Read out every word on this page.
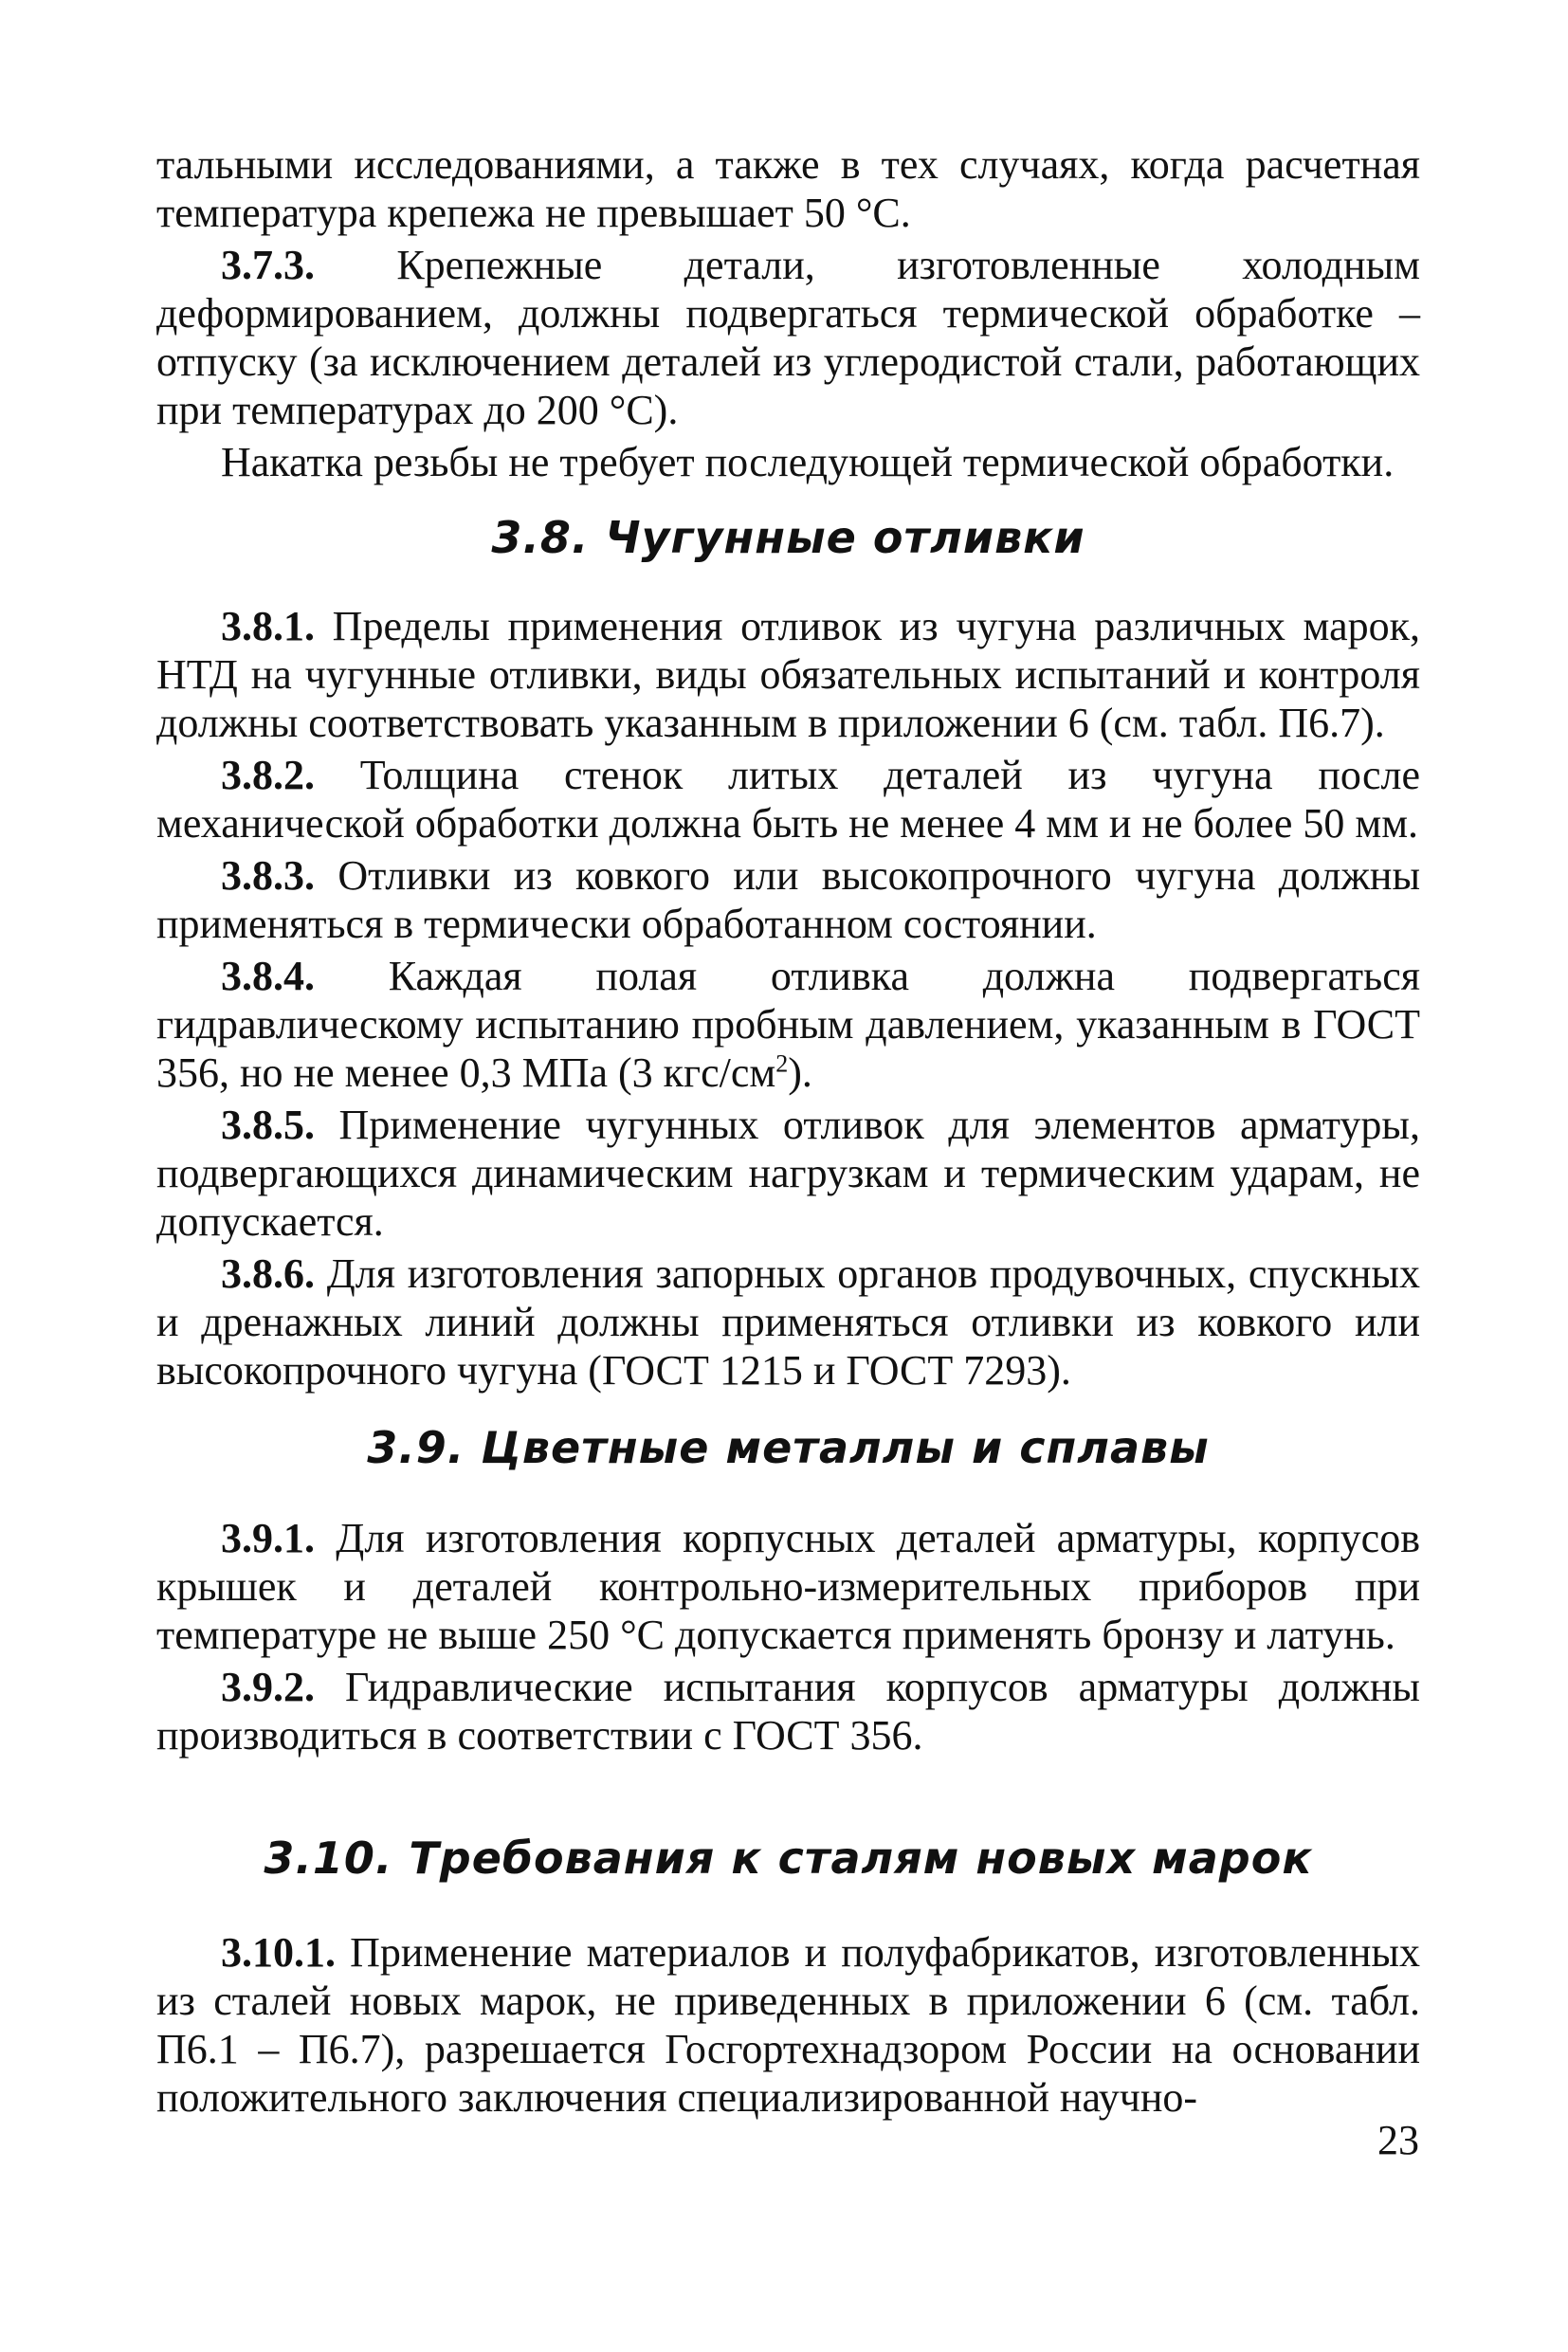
тальными исследованиями, а также в тех случаях, когда расчетная температура крепежа не превышает 50 °С.

3.7.3. Крепежные детали, изготовленные холодным деформированием, должны подвергаться термической обработке – отпуску (за исключением деталей из углеродистой стали, работающих при температурах до 200 °С).

Накатка резьбы не требует последующей термической обработки.

3.8. Чугунные отливки

3.8.1. Пределы применения отливок из чугуна различных марок, НТД на чугунные отливки, виды обязательных испытаний и контроля должны соответствовать указанным в приложении 6 (см. табл. П6.7).

3.8.2. Толщина стенок литых деталей из чугуна после механической обработки должна быть не менее 4 мм и не более 50 мм.

3.8.3. Отливки из ковкого или высокопрочного чугуна должны применяться в термически обработанном состоянии.

3.8.4. Каждая полая отливка должна подвергаться гидравлическому испытанию пробным давлением, указанным в ГОСТ 356, но не менее 0,3 МПа (3 кгс/$см^2$).

3.8.5. Применение чугунных отливок для элементов арматуры, подвергающихся динамическим нагрузкам и термическим ударам, не допускается.

3.8.6. Для изготовления запорных органов продувочных, спускных и дренажных линий должны применяться отливки из ковкого или высокопрочного чугуна (ГОСТ 1215 и ГОСТ 7293).

3.9. Цветные металлы и сплавы

3.9.1. Для изготовления корпусных деталей арматуры, корпусов крышек и деталей контрольно-измерительных приборов при температуре не выше 250 °С допускается применять бронзу и латунь.

3.9.2. Гидравлические испытания корпусов арматуры должны производиться в соответствии с ГОСТ 356.

3.10. Требования к сталям новых марок

3.10.1. Применение материалов и полуфабрикатов, изготовленных из сталей новых марок, не приведенных в приложении 6 (см. табл. П6.1 – П6.7), разрешается Госгортехнадзором России на основании положительного заключения специализированной научно-

23
